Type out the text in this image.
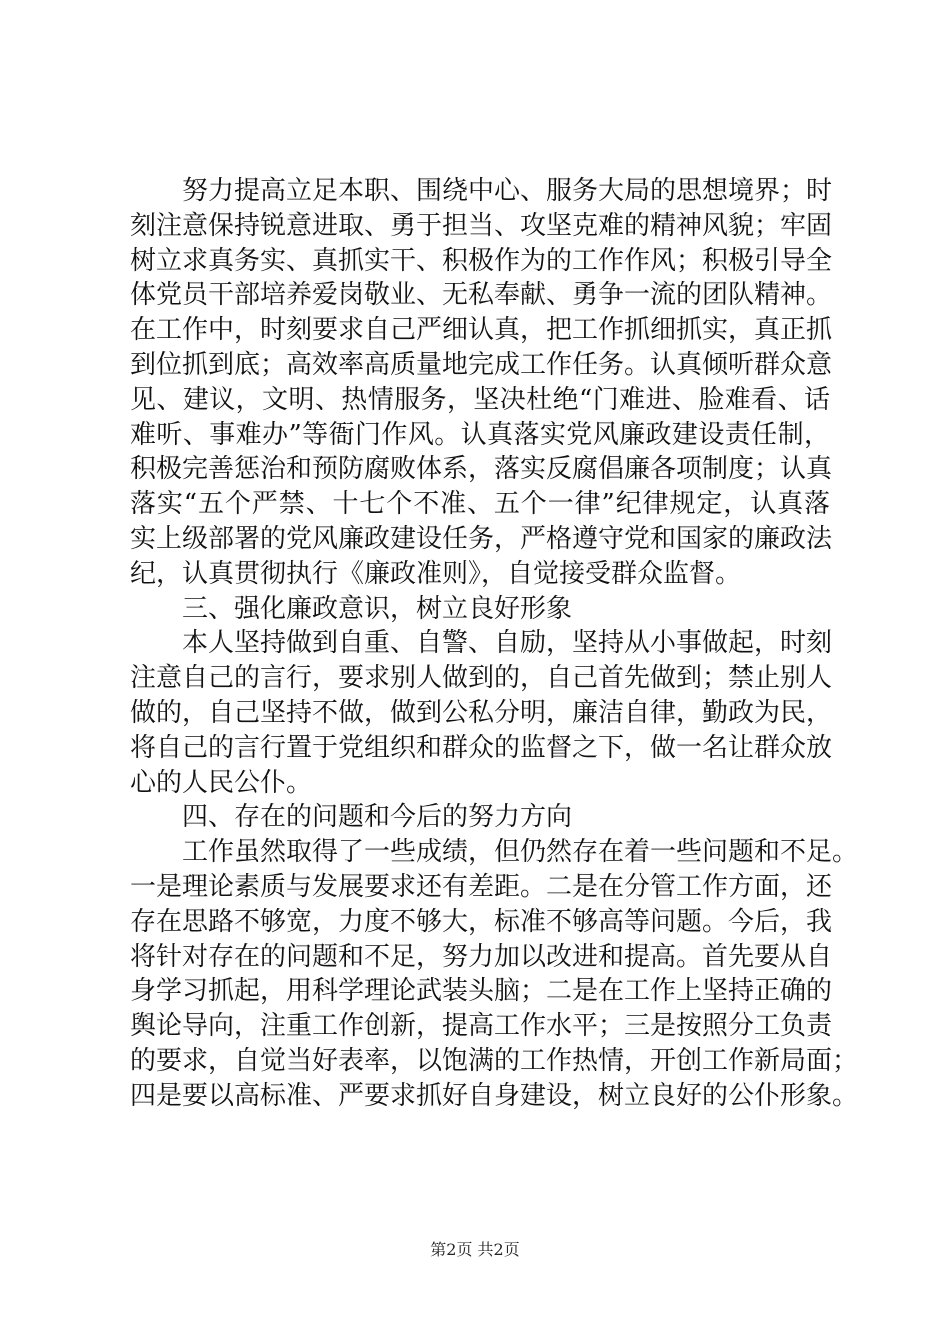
努力提高立足本职、围绕中心、服务大局的思想境界；时
刻注意保持锐意进取、勇于担当、攻坚克难的精神风貌；牢固
树立求真务实、真抓实干、积极作为的工作作风；积极引导全
体党员干部培养爱岗敬业、无私奉献、勇争一流的团队精神。
在工作中，时刻要求自己严细认真，把工作抓细抓实，真正抓
到位抓到底；高效率高质量地完成工作任务。认真倾听群众意
见、建议，文明、热情服务，坚决杜绝“门难进、脸难看、话
难听、事难办”等衙门作风。认真落实党风廉政建设责任制，
积极完善惩治和预防腐败体系，落实反腐倡廉各项制度；认真
落实“五个严禁、十七个不准、五个一律”纪律规定，认真落
实上级部署的党风廉政建设任务，严格遵守党和国家的廉政法
纪，认真贯彻执行《廉政准则》，自觉接受群众监督。
三、强化廉政意识，树立良好形象
本人坚持做到自重、自警、自励，坚持从小事做起，时刻
注意自己的言行，要求别人做到的，自己首先做到；禁止别人
做的，自己坚持不做，做到公私分明，廉洁自律，勤政为民，
将自己的言行置于党组织和群众的监督之下，做一名让群众放
心的人民公仆。
四、存在的问题和今后的努力方向
工作虽然取得了一些成绩，但仍然存在着一些问题和不足。
一是理论素质与发展要求还有差距。二是在分管工作方面，还
存在思路不够宽，力度不够大，标准不够高等问题。今后，我
将针对存在的问题和不足，努力加以改进和提高。首先要从自
身学习抓起，用科学理论武装头脑；二是在工作上坚持正确的
舆论导向，注重工作创新，提高工作水平；三是按照分工负责
的要求，自觉当好表率，以饱满的工作热情，开创工作新局面；
四是要以高标准、严要求抓好自身建设，树立良好的公仆形象。
第2页 共2页
